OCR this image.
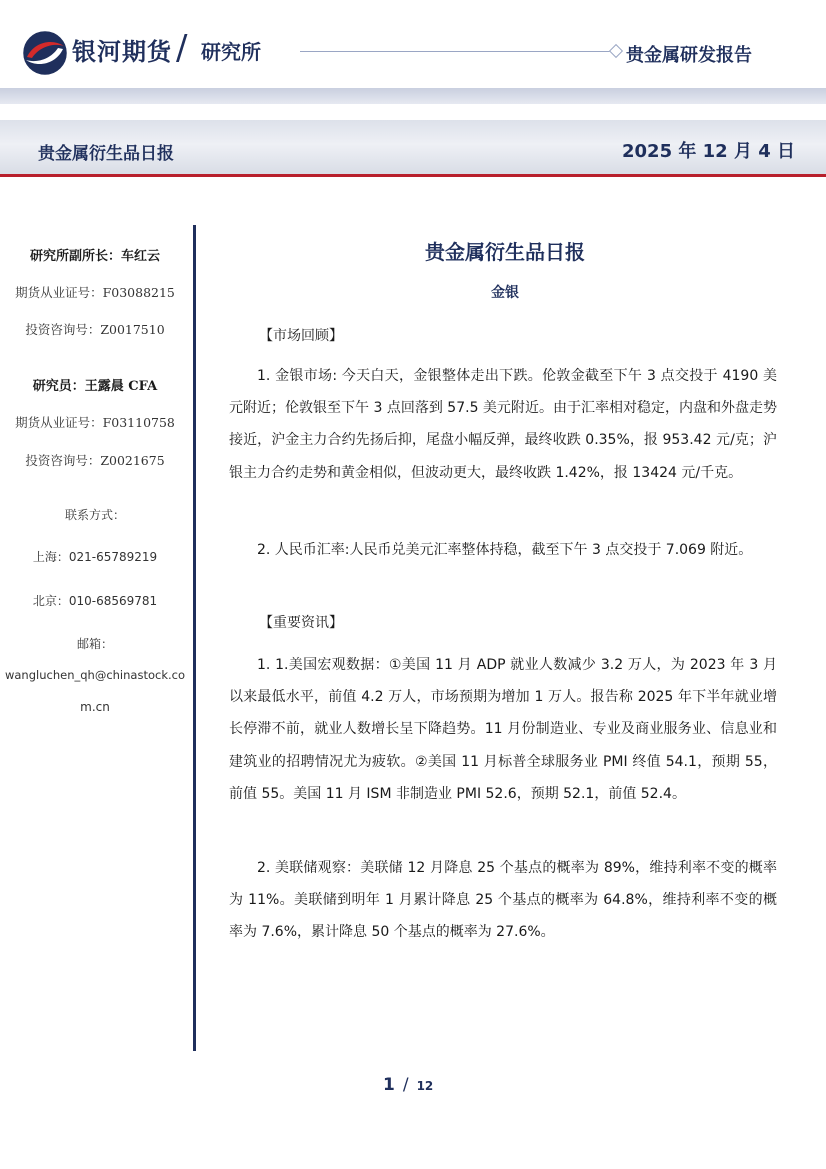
银河期货 / 研究所	贵金属研发报告
贵金属衍生品日报	2025 年 12 月 4 日
研究所副所长：车红云
期货从业证号：F03088215
投资咨询号：Z0017510
研究员：王露晨 CFA
期货从业证号：F03110758
投资咨询号：Z0021675
联系方式：
上海：021-65789219
北京：010-68569781
邮箱：
wangluchen_qh@chinastock.co
m.cn
贵金属衍生品日报
金银
【市场回顾】
1. 金银市场: 今天白天，金银整体走出下跌。伦敦金截至下午 3 点交投于 4190 美元附近；伦敦银至下午 3 点回落到 57.5 美元附近。由于汇率相对稳定，内盘和外盘走势接近，沪金主力合约先扬后抑，尾盘小幅反弹，最终收跌 0.35%，报 953.42 元/克；沪银主力合约走势和黄金相似，但波动更大，最终收跌 1.42%，报 13424 元/千克。
2. 人民币汇率:人民币兑美元汇率整体持稳，截至下午 3 点交投于 7.069 附近。
【重要资讯】
1. 1.美国宏观数据：①美国 11 月 ADP 就业人数减少 3.2 万人，为 2023 年 3 月以来最低水平，前值 4.2 万人，市场预期为增加 1 万人。报告称 2025 年下半年就业增长停滞不前，就业人数增长呈下降趋势。11 月份制造业、专业及商业服务业、信息业和建筑业的招聘情况尤为疲软。②美国 11 月标普全球服务业 PMI 终值 54.1，预期 55，前值 55。美国 11 月 ISM 非制造业 PMI 52.6，预期 52.1，前值 52.4。
2. 美联储观察：美联储 12 月降息 25 个基点的概率为 89%，维持利率不变的概率为 11%。美联储到明年 1 月累计降息 25 个基点的概率为 64.8%，维持利率不变的概率为 7.6%，累计降息 50 个基点的概率为 27.6%。
1 / 12
